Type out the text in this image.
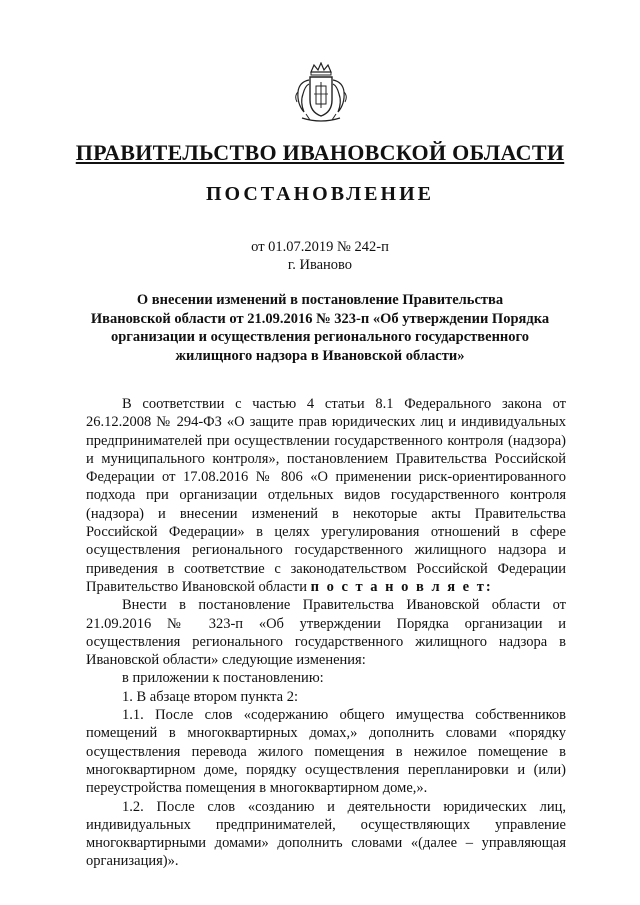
ПРАВИТЕЛЬСТВО ИВАНОВСКОЙ ОБЛАСТИ
ПОСТАНОВЛЕНИЕ
от 01.07.2019 № 242-п
г. Иваново
О внесении изменений в постановление Правительства
Ивановской области от 21.09.2016 № 323-п «Об утверждении Порядка
организации и осуществления регионального государственного
жилищного надзора в Ивановской области»

В соответствии с частью 4 статьи 8.1 Федерального закона от 26.12.2008 № 294-ФЗ «О защите прав юридических лиц и индивидуальных предпринимателей при осуществлении государственного контроля (надзора) и муниципального контроля», постановлением Правительства Российской Федерации от 17.08.2016 № 806 «О применении риск-ориентированного подхода при организации отдельных видов государственного контроля (надзора) и внесении изменений в некоторые акты Правительства Российской Федерации» в целях урегулирования отношений в сфере осуществления регионального государственного жилищного надзора и приведения в соответствие с законодательством Российской Федерации Правительство Ивановской области п о с т а н о в л я е т:

Внести в постановление Правительства Ивановской области от 21.09.2016 № 323-п «Об утверждении Порядка организации и осуществления регионального государственного жилищного надзора в Ивановской области» следующие изменения:

в приложении к постановлению:

1. В абзаце втором пункта 2:

1.1. После слов «содержанию общего имущества собственников помещений в многоквартирных домах,» дополнить словами «порядку осуществления перевода жилого помещения в нежилое помещение в многоквартирном доме, порядку осуществления перепланировки и (или) переустройства помещения в многоквартирном доме,».

1.2. После слов «созданию и деятельности юридических лиц, индивидуальных предпринимателей, осуществляющих управление многоквартирными домами» дополнить словами «(далее – управляющая организация)».
